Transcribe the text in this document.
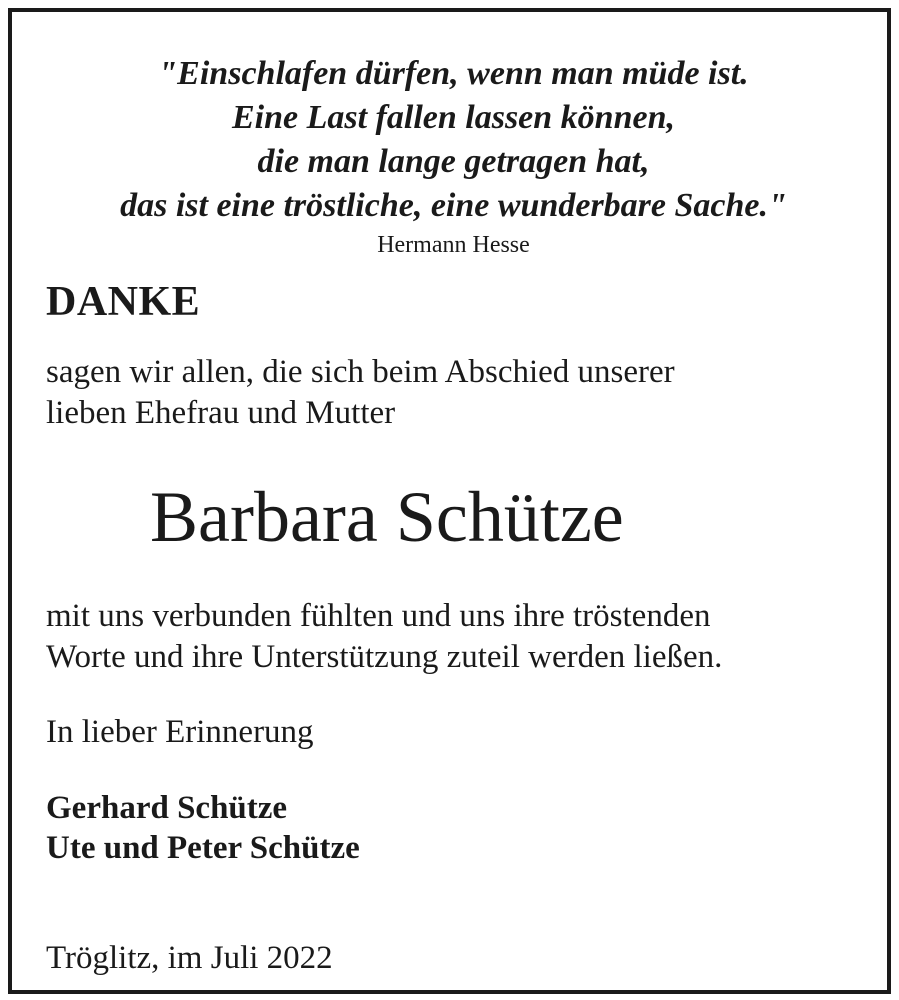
"Einschlafen dürfen, wenn man müde ist.
Eine Last fallen lassen können,
die man lange getragen hat,
das ist eine tröstliche, eine wunderbare Sache."
Hermann Hesse
DANKE
sagen wir allen, die sich beim Abschied unserer
lieben Ehefrau und Mutter
Barbara Schütze
mit uns verbunden fühlten und uns ihre tröstenden
Worte und ihre Unterstützung zuteil werden ließen.
In lieber Erinnerung
Gerhard Schütze
Ute und Peter Schütze
Tröglitz, im Juli 2022
